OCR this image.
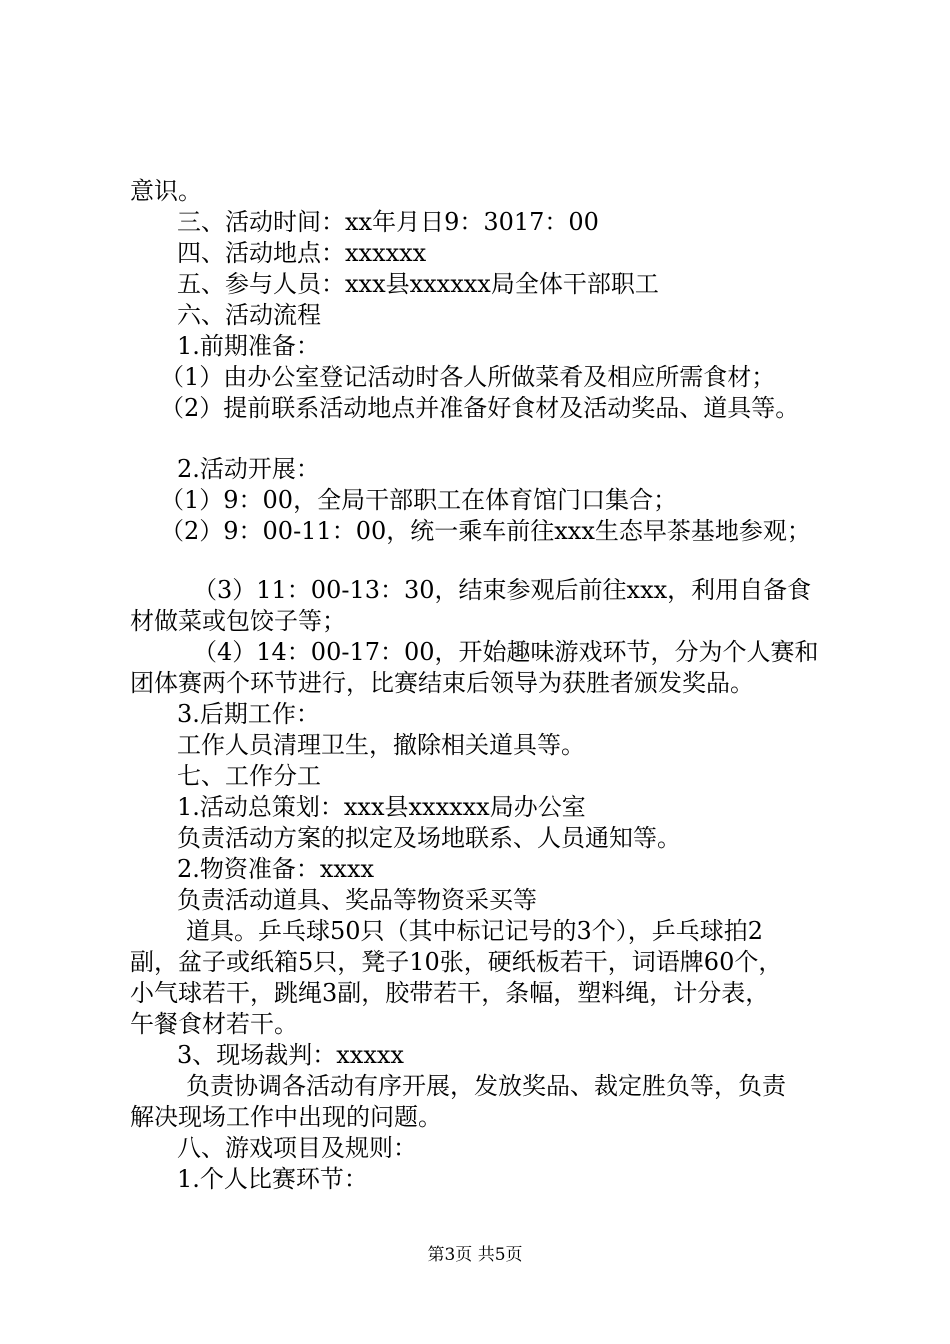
意识。
三、活动时间：xx年月日9：3017：00
四、活动地点：xxxxxx
五、参与人员：xxx县xxxxxx局全体干部职工
六、活动流程
1.前期准备：
（1）由办公室登记活动时各人所做菜肴及相应所需食材；
（2）提前联系活动地点并准备好食材及活动奖品、道具等。
2.活动开展：
（1）9：00，全局干部职工在体育馆门口集合；
（2）9：00-11：00，统一乘车前往xxx生态早茶基地参观；
（3）11：00-13：30，结束参观后前往xxx，利用自备食
材做菜或包饺子等；
（4）14：00-17：00，开始趣味游戏环节，分为个人赛和
团体赛两个环节进行，比赛结束后领导为获胜者颁发奖品。
3.后期工作：
工作人员清理卫生，撤除相关道具等。
七、工作分工
1.活动总策划：xxx县xxxxxx局办公室
负责活动方案的拟定及场地联系、人员通知等。
2.物资准备：xxxx
负责活动道具、奖品等物资采买等
道具。乒乓球50只（其中标记记号的3个），乒乓球拍2
副，盆子或纸箱5只，凳子10张，硬纸板若干，词语牌60个，
小气球若干，跳绳3副，胶带若干，条幅，塑料绳，计分表，
午餐食材若干。
3、现场裁判：xxxxx
负责协调各活动有序开展，发放奖品、裁定胜负等，负责
解决现场工作中出现的问题。
八、游戏项目及规则：
1.个人比赛环节：
第3页 共5页
